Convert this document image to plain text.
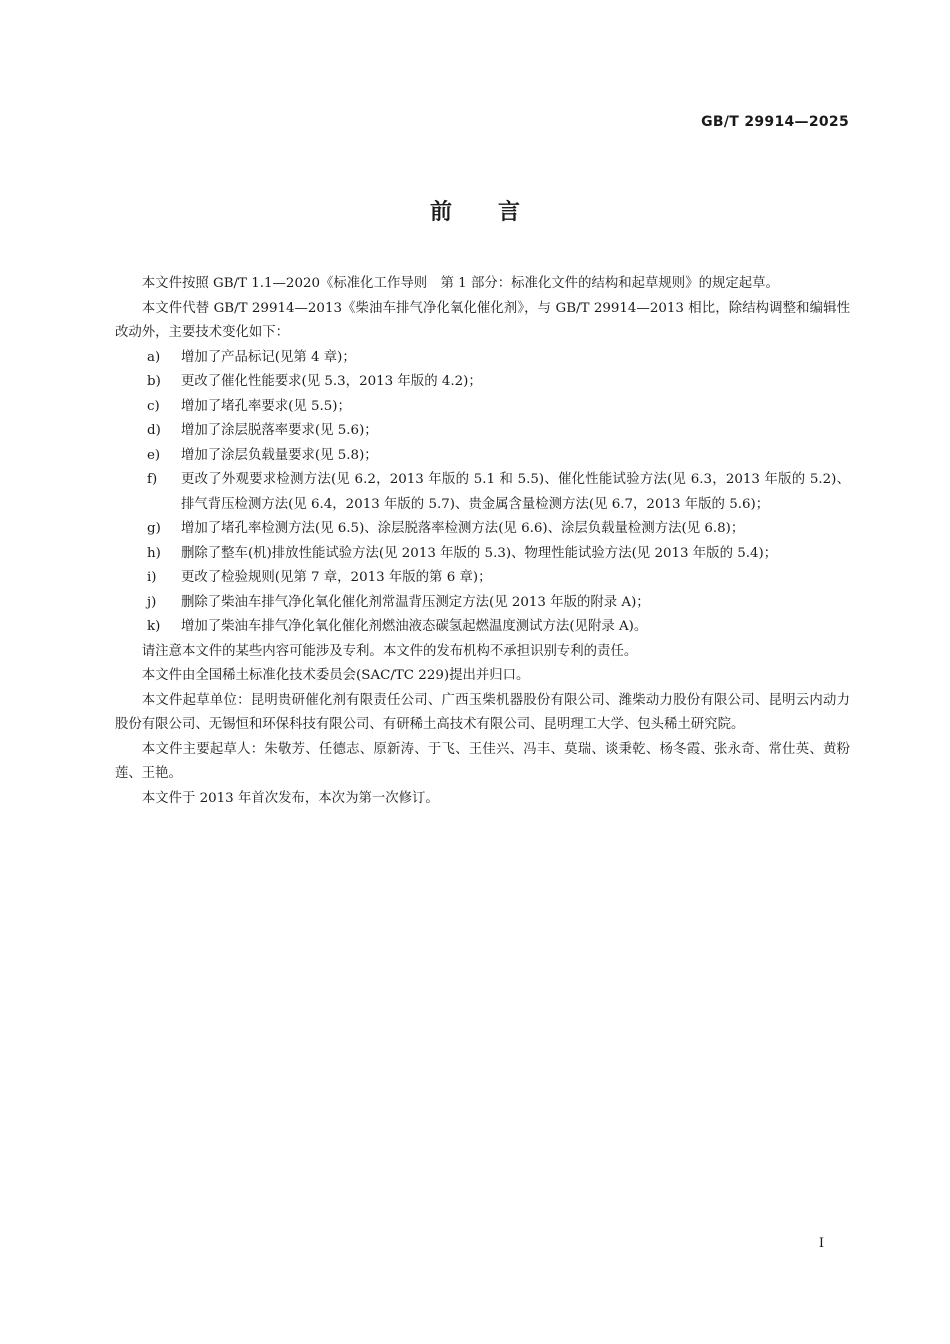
GB/T 29914—2025
前言

本文件按照 GB/T 1.1—2020《标准化工作导则　第 1 部分：标准化文件的结构和起草规则》的规定起草。

本文件代替 GB/T 29914—2013《柴油车排气净化氧化催化剂》，与 GB/T 29914—2013 相比，除结构调整和编辑性改动外，主要技术变化如下：

a) 增加了产品标记(见第 4 章)；

b) 更改了催化性能要求(见 5.3，2013 年版的 4.2)；

c) 增加了堵孔率要求(见 5.5)；

d) 增加了涂层脱落率要求(见 5.6)；

e) 增加了涂层负载量要求(见 5.8)；

f) 更改了外观要求检测方法(见 6.2，2013 年版的 5.1 和 5.5)、催化性能试验方法(见 6.3，2013 年版的 5.2)、排气背压检测方法(见 6.4，2013 年版的 5.7)、贵金属含量检测方法(见 6.7，2013 年版的 5.6)；

g) 增加了堵孔率检测方法(见 6.5)、涂层脱落率检测方法(见 6.6)、涂层负载量检测方法(见 6.8)；

h) 删除了整车(机)排放性能试验方法(见 2013 年版的 5.3)、物理性能试验方法(见 2013 年版的 5.4)；

i) 更改了检验规则(见第 7 章，2013 年版的第 6 章)；

j) 删除了柴油车排气净化氧化催化剂常温背压测定方法(见 2013 年版的附录 A)；

k) 增加了柴油车排气净化氧化催化剂燃油液态碳氢起燃温度测试方法(见附录 A)。

请注意本文件的某些内容可能涉及专利。本文件的发布机构不承担识别专利的责任。

本文件由全国稀土标准化技术委员会(SAC/TC 229)提出并归口。

本文件起草单位：昆明贵研催化剂有限责任公司、广西玉柴机器股份有限公司、潍柴动力股份有限公司、昆明云内动力股份有限公司、无锡恒和环保科技有限公司、有研稀土高技术有限公司、昆明理工大学、包头稀土研究院。

本文件主要起草人：朱敬芳、任德志、原新涛、于飞、王佳兴、冯丰、莫瑞、谈秉乾、杨冬霞、张永奇、常仕英、黄粉莲、王艳。

本文件于 2013 年首次发布，本次为第一次修订。

I
